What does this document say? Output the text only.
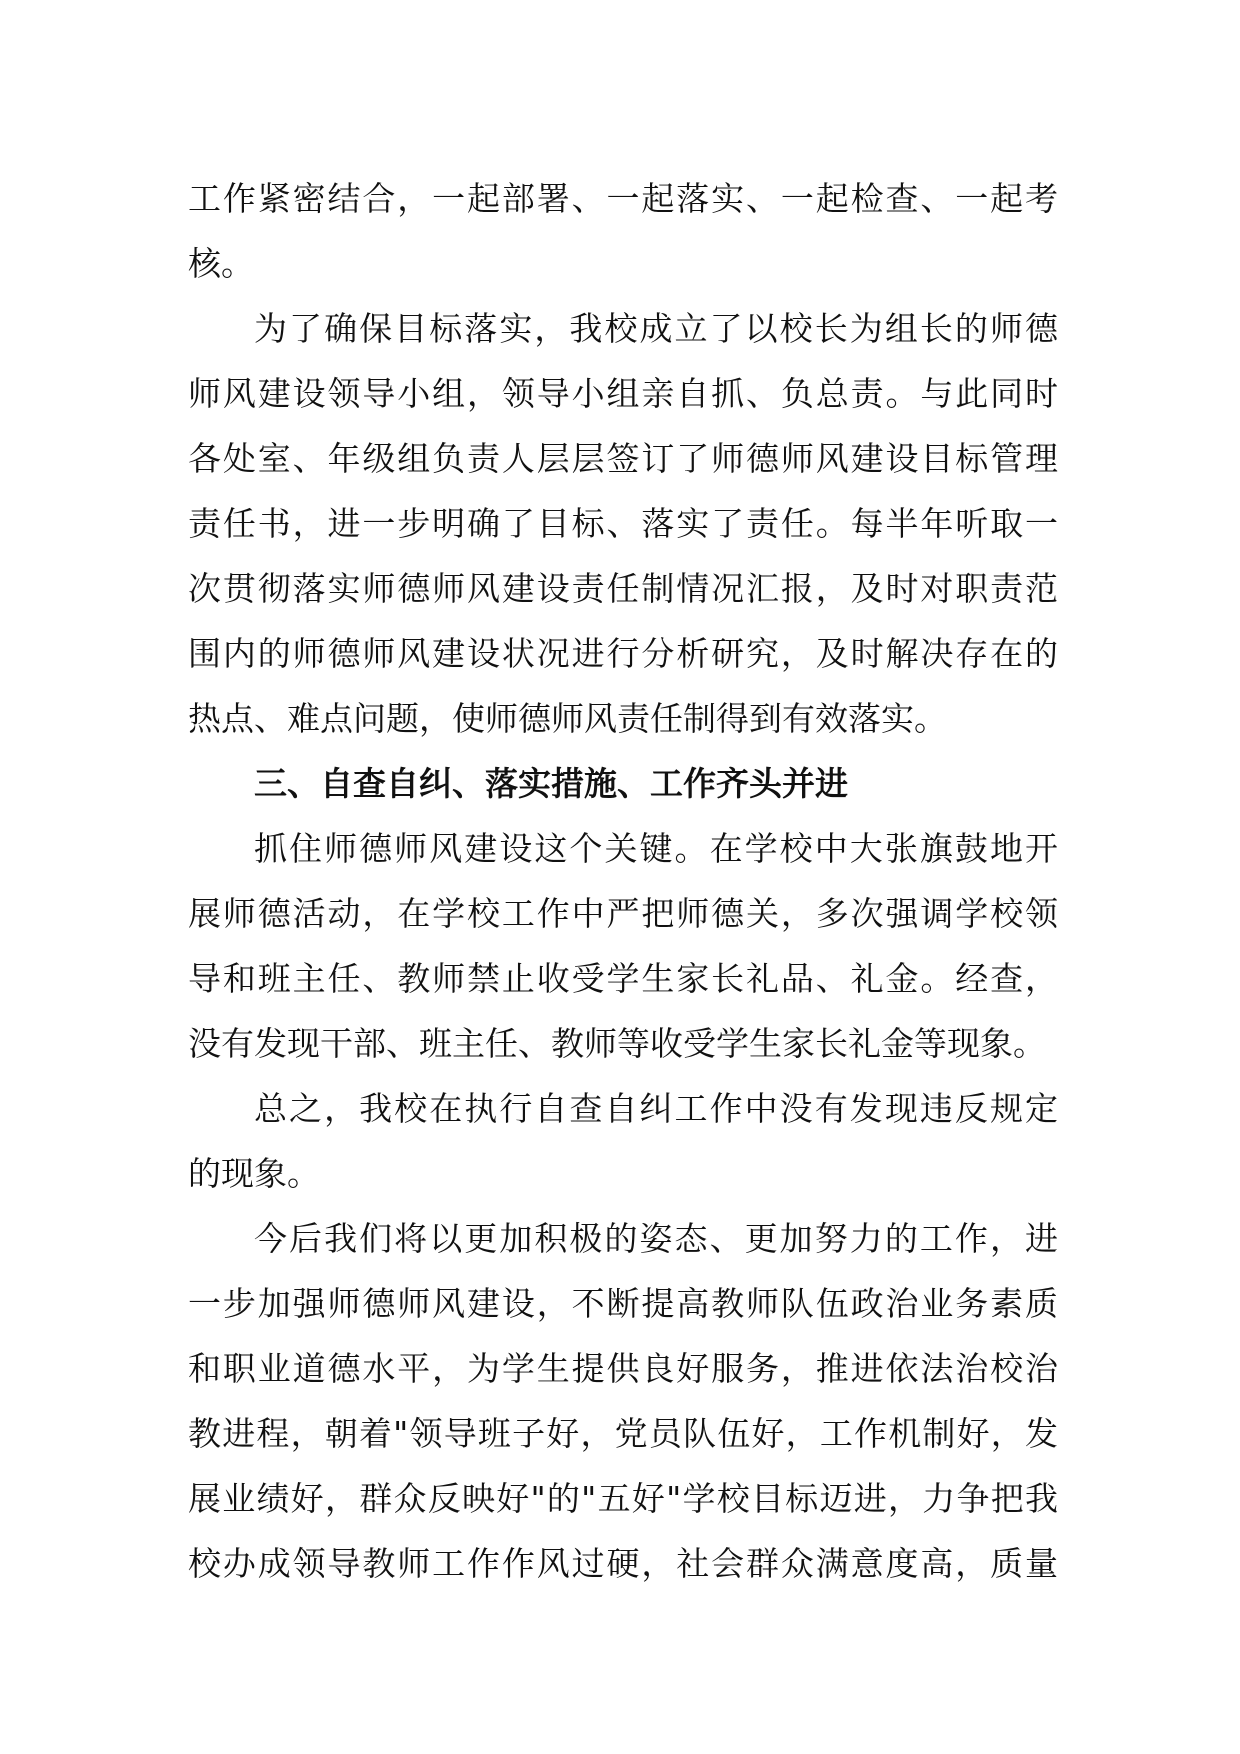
工作紧密结合，一起部署、一起落实、一起检查、一起考
核。
为了确保目标落实，我校成立了以校长为组长的师德
师风建设领导小组，领导小组亲自抓、负总责。与此同时
各处室、年级组负责人层层签订了师德师风建设目标管理
责任书，进一步明确了目标、落实了责任。每半年听取一
次贯彻落实师德师风建设责任制情况汇报，及时对职责范
围内的师德师风建设状况进行分析研究，及时解决存在的
热点、难点问题，使师德师风责任制得到有效落实。
三、自查自纠、落实措施、工作齐头并进
抓住师德师风建设这个关键。在学校中大张旗鼓地开
展师德活动，在学校工作中严把师德关，多次强调学校领
导和班主任、教师禁止收受学生家长礼品、礼金。经查，
没有发现干部、班主任、教师等收受学生家长礼金等现象。
总之，我校在执行自查自纠工作中没有发现违反规定
的现象。
今后我们将以更加积极的姿态、更加努力的工作，进
一步加强师德师风建设，不断提高教师队伍政治业务素质
和职业道德水平，为学生提供良好服务，推进依法治校治
教进程，朝着"领导班子好，党员队伍好，工作机制好，发
展业绩好，群众反映好"的"五好"学校目标迈进，力争把我
校办成领导教师工作作风过硬，社会群众满意度高，质量
